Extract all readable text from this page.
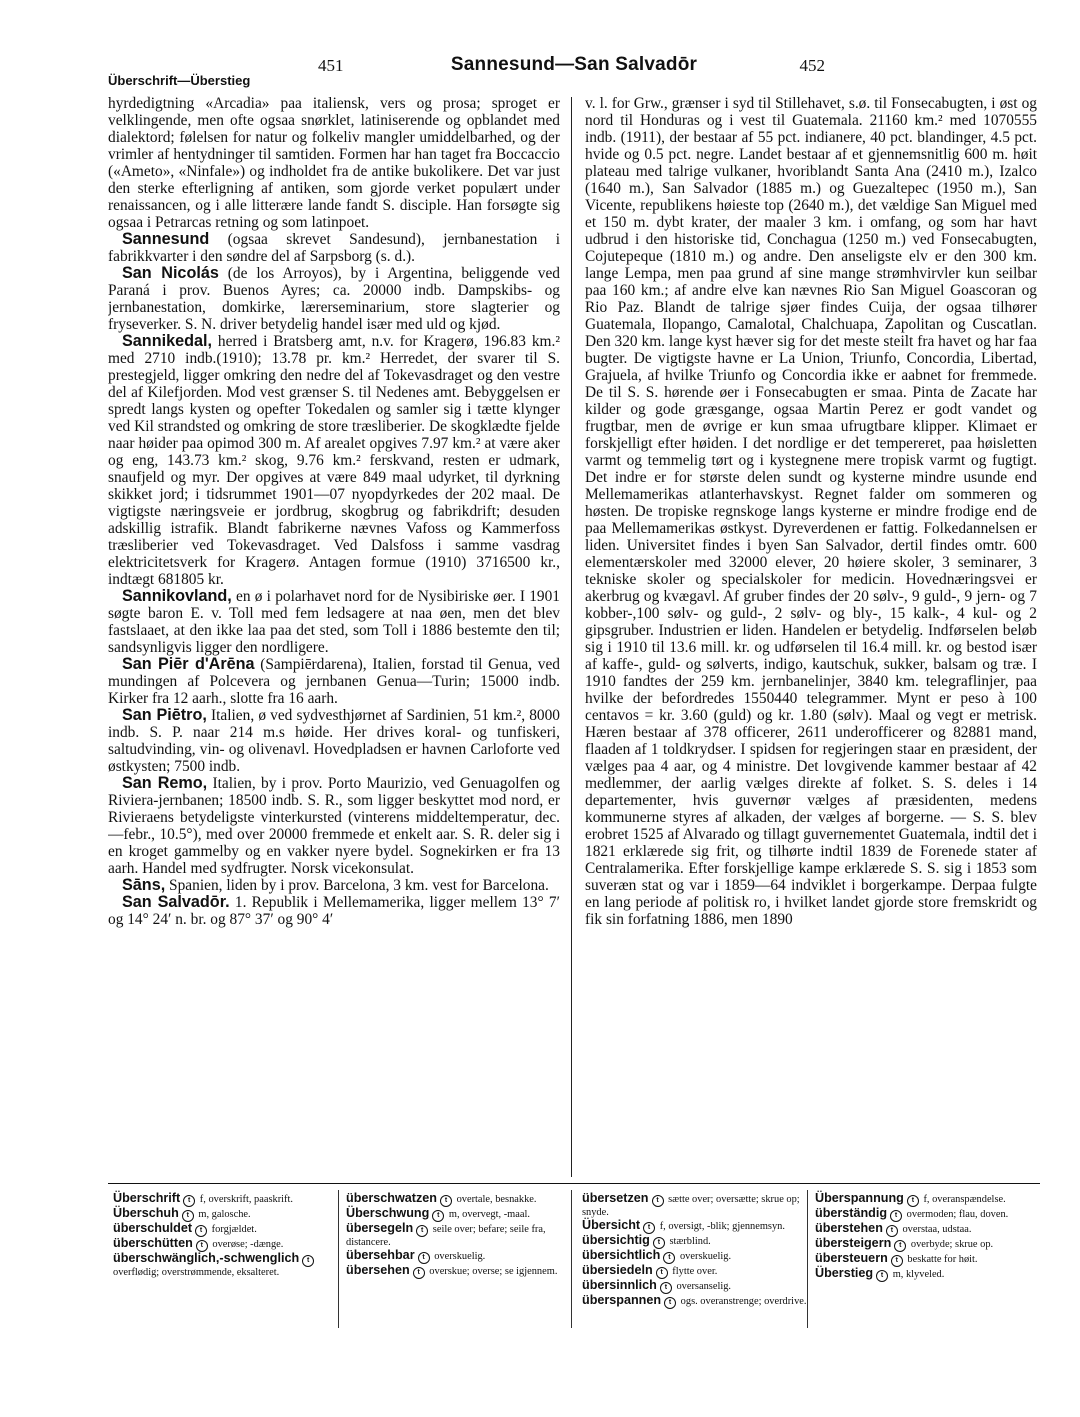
451	Sannesund—San Salvadōr	452
Überschrift—Überstieg

hyrdedigtning «Arcadia» paa italiensk, vers og prosa; sproget er velklingende, men ofte ogsaa snørklet, latiniserende og opblandet med dialektord; følelsen for natur og folkeliv mangler umiddelbarhed, og der vrimler af hentydninger til samtiden. Formen har han taget fra Boccaccio («Ameto», «Ninfale») og indholdet fra de antike bukolikere. Det var just den sterke efterligning af antiken, som gjorde verket populært under renaissancen, og i alle litterære lande fandt S. disciple. Han forsøgte sig ogsaa i Petrarcas retning og som latinpoet.

Sannesund (ogsaa skrevet Sandesund), jernbanestation i fabrikkvarter i den søndre del af Sarpsborg (s. d.).

San Nicolás (de los Arroyos), by i Argentina, beliggende ved Paraná i prov. Buenos Ayres; ca. 20000 indb. Dampskibs- og jernbanestation, domkirke, lærerseminarium, store slagterier og fryseverker. S. N. driver betydelig handel især med uld og kjød.

Sannikedal, herred i Bratsberg amt, n.v. for Kragerø, 196.83 km.² med 2710 indb.(1910); 13.78 pr. km.² Herredet, der svarer til S. prestegjeld, ligger omkring den nedre del af Tokevasdraget og den vestre del af Kilefjorden. Mod vest grænser S. til Nedenes amt. Bebyggelsen er spredt langs kysten og opefter Tokedalen og samler sig i tætte klynger ved Kil strandsted og omkring de store træsliberier. De skogklædte fjelde naar høider paa opimod 300 m. Af arealet opgives 7.97 km.² at være aker og eng, 143.73 km.² skog, 9.76 km.² ferskvand, resten er udmark, snaufjeld og myr. Der opgives at være 849 maal udyrket, til dyrkning skikket jord; i tidsrummet 1901—07 nyopdyrkedes der 202 maal. De vigtigste næringsveie er jordbrug, skogbrug og fabrikdrift; desuden adskillig istrafik. Blandt fabrikerne nævnes Vafoss og Kammerfoss træsliberier ved Tokevasdraget. Ved Dalsfoss i samme vasdrag elektricitetsverk for Kragerø. Antagen formue (1910) 3716500 kr., indtægt 681805 kr.

Sannikovland, en ø i polarhavet nord for de Nysibiriske øer. I 1901 søgte baron E. v. Toll med fem ledsagere at naa øen, men det blev fastslaaet, at den ikke laa paa det sted, som Toll i 1886 bestemte den til; sandsynligvis ligger den nordligere.

San Piēr d'Arēna (Sampiērdarena), Italien, forstad til Genua, ved mundingen af Polcevera og jernbanen Genua—Turin; 15000 indb. Kirker fra 12 aarh., slotte fra 16 aarh.

San Piētro, Italien, ø ved sydvesthjørnet af Sardinien, 51 km.², 8000 indb. S. P. naar 214 m.s høide. Her drives koral- og tunfiskeri, saltudvinding, vin- og olivenavl. Hovedpladsen er havnen Carloforte ved østkysten; 7500 indb.

San Remo, Italien, by i prov. Porto Maurizio, ved Genuagolfen og Riviera-jernbanen; 18500 indb. S. R., som ligger beskyttet mod nord, er Rivieraens betydeligste vinterkursted (vinterens middeltemperatur, dec.—febr., 10.5°), med over 20000 fremmede et enkelt aar. S. R. deler sig i en kroget gammelby og en vakker nyere bydel. Sognekirken er fra 13 aarh. Handel med sydfrugter. Norsk vicekonsulat.

Sāns, Spanien, liden by i prov. Barcelona, 3 km. vest for Barcelona.

San Salvadōr. 1. Republik i Mellemamerika, ligger mellem 13° 7′ og 14° 24′ n. br. og 87° 37′ og 90° 4′

v. l. for Grw., grænser i syd til Stillehavet, s.ø. til Fonsecabugten, i øst og nord til Honduras og i vest til Guatemala. 21160 km.² med 1070555 indb. (1911), der bestaar af 55 pct. indianere, 40 pct. blandinger, 4.5 pct. hvide og 0.5 pct. negre. Landet bestaar af et gjennemsnitlig 600 m. høit plateau med talrige vulkaner, hvoriblandt Santa Ana (2410 m.), Izalco (1640 m.), San Salvador (1885 m.) og Guezaltepec (1950 m.), San Vicente, republikens høieste top (2640 m.), det vældige San Miguel med et 150 m. dybt krater, der maaler 3 km. i omfang, og som har havt udbrud i den historiske tid, Conchagua (1250 m.) ved Fonsecabugten, Cojutepeque (1810 m.) og andre. Den anseligste elv er den 300 km. lange Lempa, men paa grund af sine mange strømhvirvler kun seilbar paa 160 km.; af andre elve kan nævnes Rio San Miguel Goascoran og Rio Paz. Blandt de talrige sjøer findes Cuija, der ogsaa tilhører Guatemala, Ilopango, Camalotal, Chalchuapa, Zapolitan og Cuscatlan. Den 320 km. lange kyst hæver sig for det meste steilt fra havet og har faa bugter. De vigtigste havne er La Union, Triunfo, Concordia, Libertad, Grajuela, af hvilke Triunfo og Concordia ikke er aabnet for fremmede. De til S. S. hørende øer i Fonsecabugten er smaa. Pinta de Zacate har kilder og gode græsgange, ogsaa Martin Perez er godt vandet og frugtbar, men de øvrige er kun smaa ufrugtbare klipper. Klimaet er forskjelligt efter høiden. I det nordlige er det tempereret, paa høisletten varmt og temmelig tørt og i kystegnene mere tropisk varmt og fugtigt. Det indre er for største delen sundt og kysterne mindre usunde end Mellemamerikas atlanterhavskyst. Regnet falder om sommeren og høsten. De tropiske regnskoge langs kysterne er mindre frodige end de paa Mellemamerikas østkyst. Dyreverdenen er fattig. Folkedannelsen er liden. Universitet findes i byen San Salvador, dertil findes omtr. 600 elementærskoler med 32000 elever, 20 høiere skoler, 3 seminarer, 3 tekniske skoler og specialskoler for medicin. Hovednæringsvei er akerbrug og kvægavl. Af gruber findes der 20 sølv-, 9 guld-, 9 jern- og 7 kobber-,100 sølv- og guld-, 2 sølv- og bly-, 15 kalk-, 4 kul- og 2 gipsgruber. Industrien er liden. Handelen er betydelig. Indførselen beløb sig i 1910 til 13.6 mill. kr. og udførselen til 16.4 mill. kr. og bestod især af kaffe-, guld- og sølverts, indigo, kautschuk, sukker, balsam og træ. I 1910 fandtes der 259 km. jernbanelinjer, 3840 km. telegraflinjer, paa hvilke der befordredes 1550440 telegrammer. Mynt er peso à 100 centavos = kr. 3.60 (guld) og kr. 1.80 (sølv). Maal og vegt er metrisk. Hæren bestaar af 378 officerer, 2611 underofficerer og 82881 mand, flaaden af 1 toldkrydser. I spidsen for regjeringen staar en præsident, der vælges paa 4 aar, og 4 ministre. Det lovgivende kammer bestaar af 42 medlemmer, der aarlig vælges direkte af folket. S. S. deles i 14 departementer, hvis guvernør vælges af præsidenten, medens kommunerne styres af alkaden, der vælges af borgerne. — S. S. blev erobret 1525 af Alvarado og tillagt guvernementet Guatemala, indtil det i 1821 erklærede sig frit, og tilhørte indtil 1839 de Forenede stater af Centralamerika. Efter forskjellige kampe erklærede S. S. sig i 1853 som suveræn stat og var i 1859—64 indviklet i borgerkampe. Derpaa fulgte en lang periode af politisk ro, i hvilket landet gjorde store fremskridt og fik sin forfatning 1886, men 1890

Überschrift t f, overskrift, paaskrift.
Überschuh t m, galosche.
überschuldet t forgjældet.
überschütten t overøse; -dænge.
überschwänglich,-schwenglich t overflødig; overstrømmende, eksalteret.
überschwatzen t overtale, besnakke.
Überschwung t m, overvegt, -maal.
übersegeln t seile over; befare; seile fra, distancere.
übersehbar t overskuelig.
übersehen t overskue; overse; se igjennem.
übersetzen t sætte over; oversætte; skrue op; snyde.
Übersicht t f, oversigt, -blik; gjennemsyn.
übersichtig t stærblind.
übersichtlich t overskuelig.
übersiedeln t flytte over.
übersinnlich t oversanselig.
überspannen t ogs. overanstrenge; overdrive.
Überspannung t f, overanspændelse.
überständig t overmoden; flau, doven.
überstehen t overstaa, udstaa.
übersteigern t overbyde; skrue op.
übersteuern t beskatte for høit.
Überstieg t m, klyveled.
